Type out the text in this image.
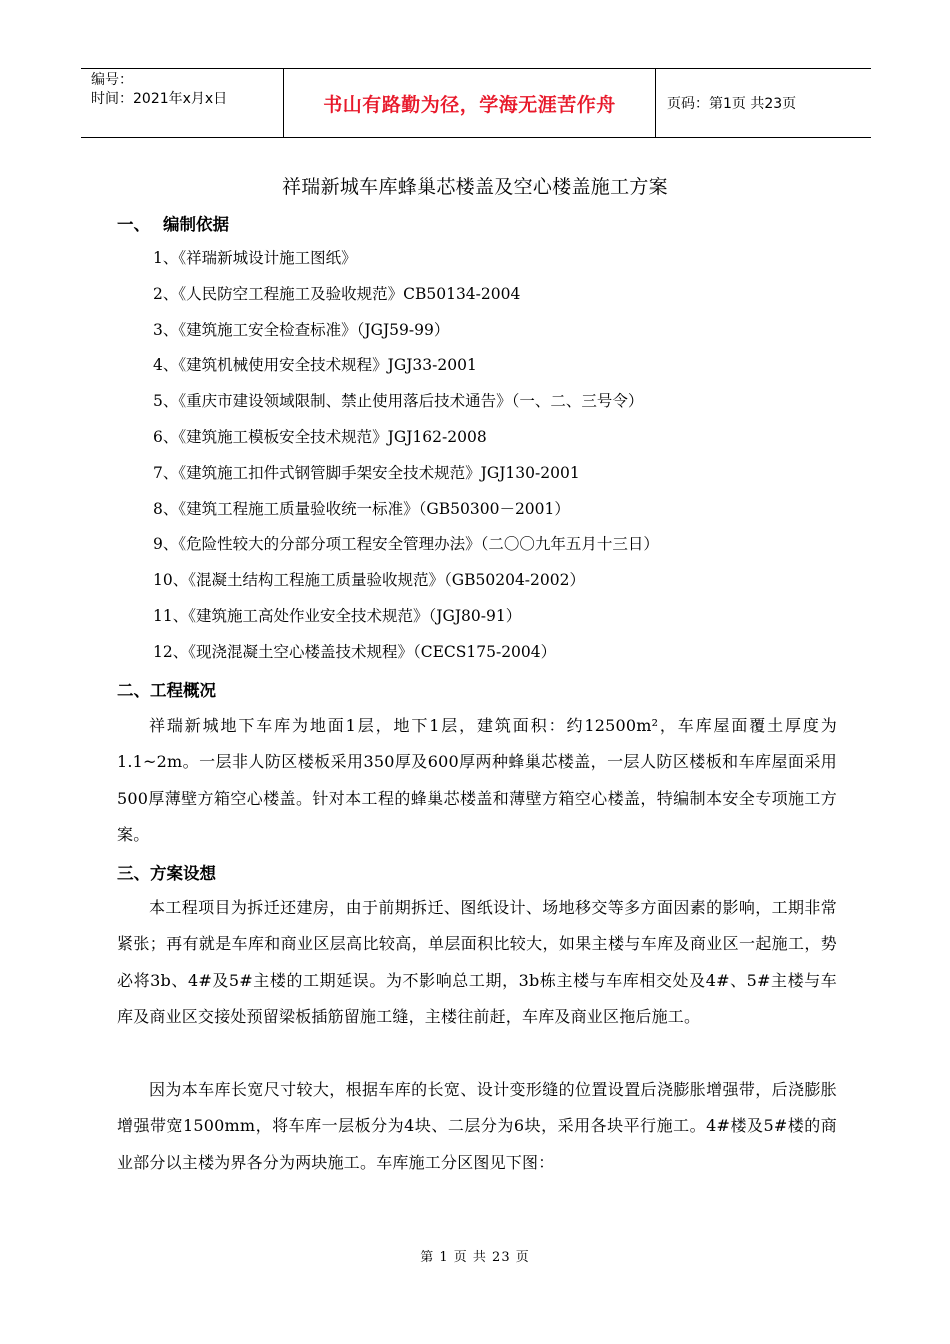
编号：
时间：2021年x月x日	书山有路勤为径，学海无涯苦作舟	页码：第1页 共23页
祥瑞新城车库蜂巢芯楼盖及空心楼盖施工方案
一、 编制依据
1、《祥瑞新城设计施工图纸》
2、《人民防空工程施工及验收规范》CB50134-2004
3、《建筑施工安全检查标准》（JGJ59-99）
4、《建筑机械使用安全技术规程》JGJ33-2001
5、《重庆市建设领域限制、禁止使用落后技术通告》（一、二、三号令）
6、《建筑施工模板安全技术规范》JGJ162-2008
7、《建筑施工扣件式钢管脚手架安全技术规范》JGJ130-2001
8、《建筑工程施工质量验收统一标准》（GB50300－2001）
9、《危险性较大的分部分项工程安全管理办法》（二〇〇九年五月十三日）
10、《混凝土结构工程施工质量验收规范》（GB50204-2002）
11、《建筑施工高处作业安全技术规范》（JGJ80-91）
12、《现浇混凝土空心楼盖技术规程》（CECS175-2004）
二、工程概况

祥瑞新城地下车库为地面1层，地下1层，建筑面积：约12500m²，车库屋面覆土厚度为1.1~2m。一层非人防区楼板采用350厚及600厚两种蜂巢芯楼盖，一层人防区楼板和车库屋面采用500厚薄壁方箱空心楼盖。针对本工程的蜂巢芯楼盖和薄壁方箱空心楼盖，特编制本安全专项施工方案。

三、方案设想

本工程项目为拆迁还建房，由于前期拆迁、图纸设计、场地移交等多方面因素的影响，工期非常紧张；再有就是车库和商业区层高比较高，单层面积比较大，如果主楼与车库及商业区一起施工，势必将3b、4#及5#主楼的工期延误。为不影响总工期，3b栋主楼与车库相交处及4#、5#主楼与车库及商业区交接处预留梁板插筋留施工缝，主楼往前赶，车库及商业区拖后施工。

因为本车库长宽尺寸较大，根据车库的长宽、设计变形缝的位置设置后浇膨胀增强带，后浇膨胀增强带宽1500mm，将车库一层板分为4块、二层分为6块，采用各块平行施工。4#楼及5#楼的商业部分以主楼为界各分为两块施工。车库施工分区图见下图：

第 1 页 共 23 页
